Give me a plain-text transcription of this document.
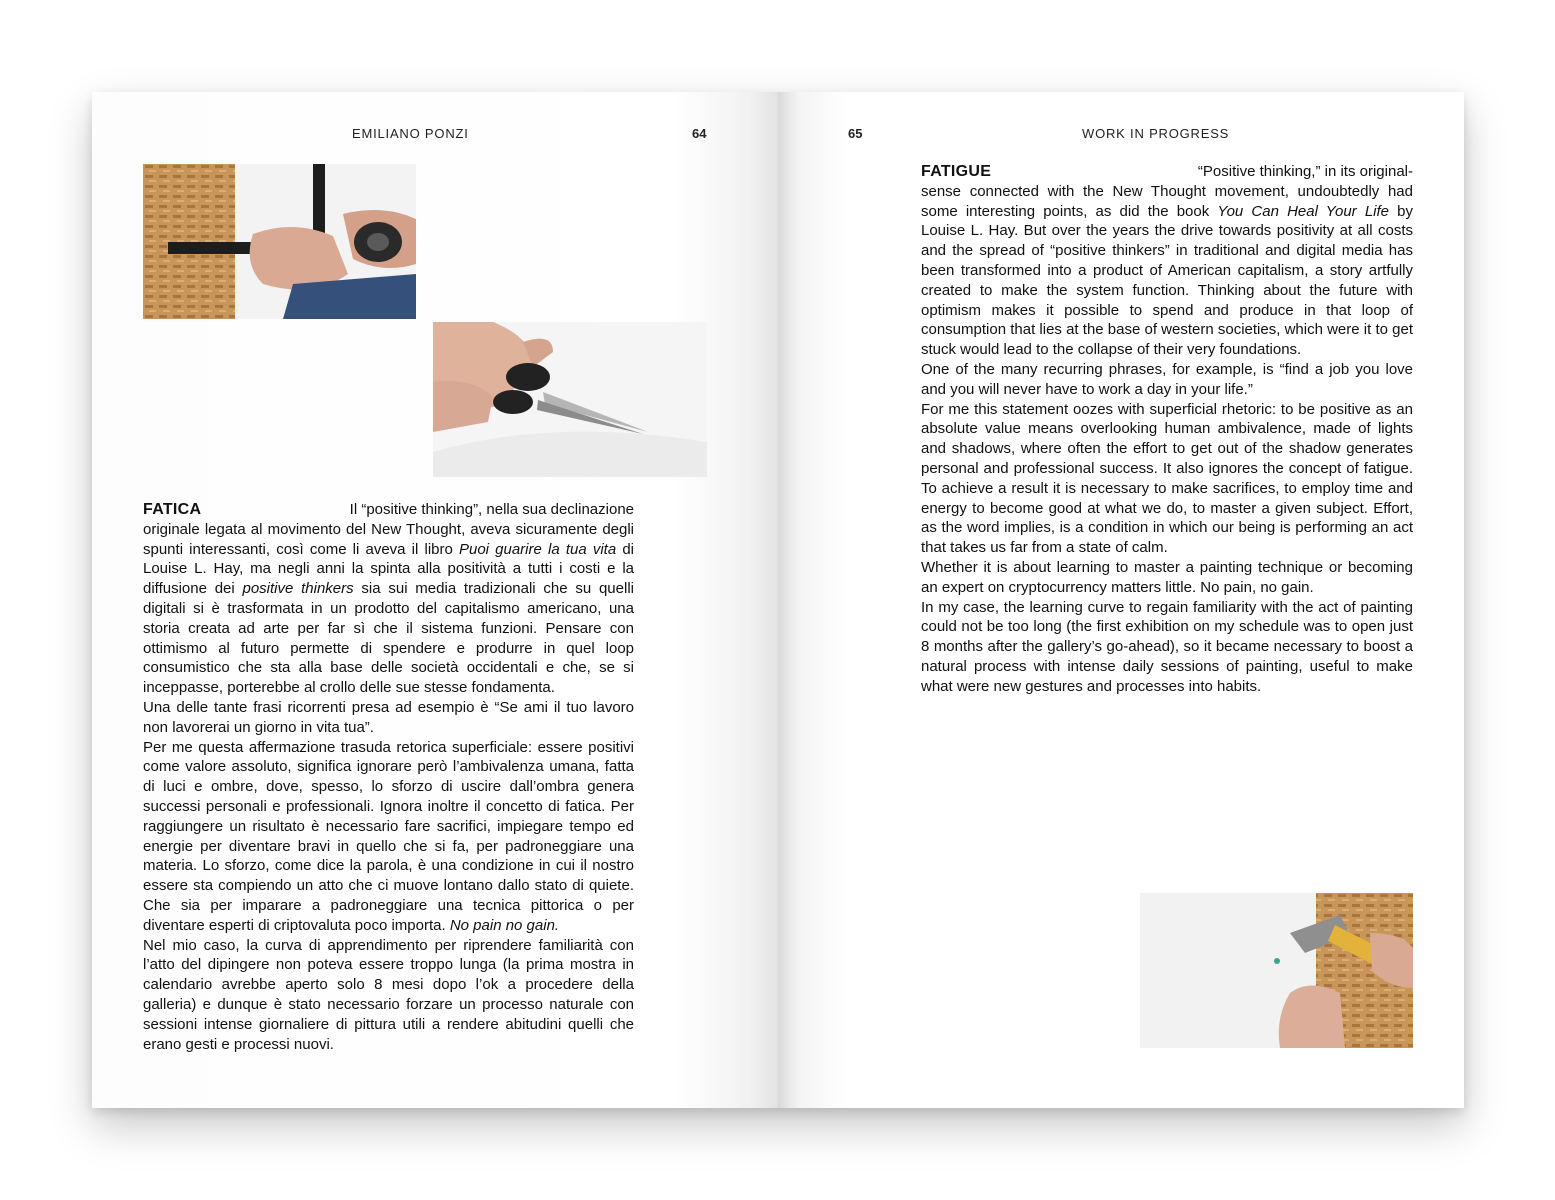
EMILIANO PONZI	64
FATICA	Il “positive thinking”, nella sua declinazione

originale legata al movimento del New Thought, aveva sicuramente degli spunti interessanti, così come li aveva il libro Puoi guarire la tua vita di Louise L. Hay, ma negli anni la spinta alla positività a tutti i costi e la diffusione dei positive thinkers sia sui media tradizionali che su quelli digitali si è trasformata in un prodotto del capitalismo americano, una storia creata ad arte per far sì che il sistema funzioni. Pensare con ottimismo al futuro permette di spendere e produrre in quel loop consumistico che sta alla base delle società occidentali e che, se si inceppasse, porterebbe al crollo delle sue stesse fondamenta.

Una delle tante frasi ricorrenti presa ad esempio è “Se ami il tuo lavoro non lavorerai un giorno in vita tua”.

Per me questa affermazione trasuda retorica superficiale: essere positivi come valore assoluto, significa ignorare però l’ambivalenza umana, fatta di luci e ombre, dove, spesso, lo sforzo di uscire dall’ombra genera successi personali e professionali. Ignora inoltre il concetto di fatica. Per raggiungere un risultato è necessario fare sacrifici, impiegare tempo ed energie per diventare bravi in quello che si fa, per padroneggiare una materia. Lo sforzo, come dice la parola, è una condizione in cui il nostro essere sta compiendo un atto che ci muove lontano dallo stato di quiete. Che sia per imparare a padroneggiare una tecnica pittorica o per diventare esperti di criptovaluta poco importa. No pain no gain.

Nel mio caso, la curva di apprendimento per riprendere familiarità con l’atto del dipingere non poteva essere troppo lunga (la prima mostra in calendario avrebbe aperto solo 8 mesi dopo l’ok a procedere della galleria) e dunque è stato necessario forzare un processo naturale con sessioni intense giornaliere di pittura utili a rendere abitudini quelli che erano gesti e processi nuovi.

65	WORK IN PROGRESS
FATIGUE	“Positive thinking,” in its original-

sense connected with the New Thought movement, undoubtedly had some interesting points, as did the book You Can Heal Your Life by Louise L. Hay. But over the years the drive towards positivity at all costs and the spread of “positive thinkers” in traditional and digital media has been transformed into a product of American capitalism, a story artfully created to make the system function. Thinking about the future with optimism makes it possible to spend and produce in that loop of consumption that lies at the base of western societies, which were it to get stuck would lead to the collapse of their very foundations.

One of the many recurring phrases, for example, is “find a job you love and you will never have to work a day in your life.”

For me this statement oozes with superficial rhetoric: to be positive as an absolute value means overlooking human ambivalence, made of lights and shadows, where often the effort to get out of the shadow generates personal and professional success. It also ignores the concept of fatigue. To achieve a result it is necessary to make sacrifices, to employ time and energy to become good at what we do, to master a given subject. Effort, as the word implies, is a condition in which our being is performing an act that takes us far from a state of calm.

Whether it is about learning to master a painting technique or becoming an expert on cryptocurrency matters little. No pain, no gain.

In my case, the learning curve to regain familiarity with the act of painting could not be too long (the first exhibition on my schedule was to open just 8 months after the gallery’s go-ahead), so it became necessary to boost a natural process with intense daily sessions of painting, useful to make what were new gestures and processes into habits.
